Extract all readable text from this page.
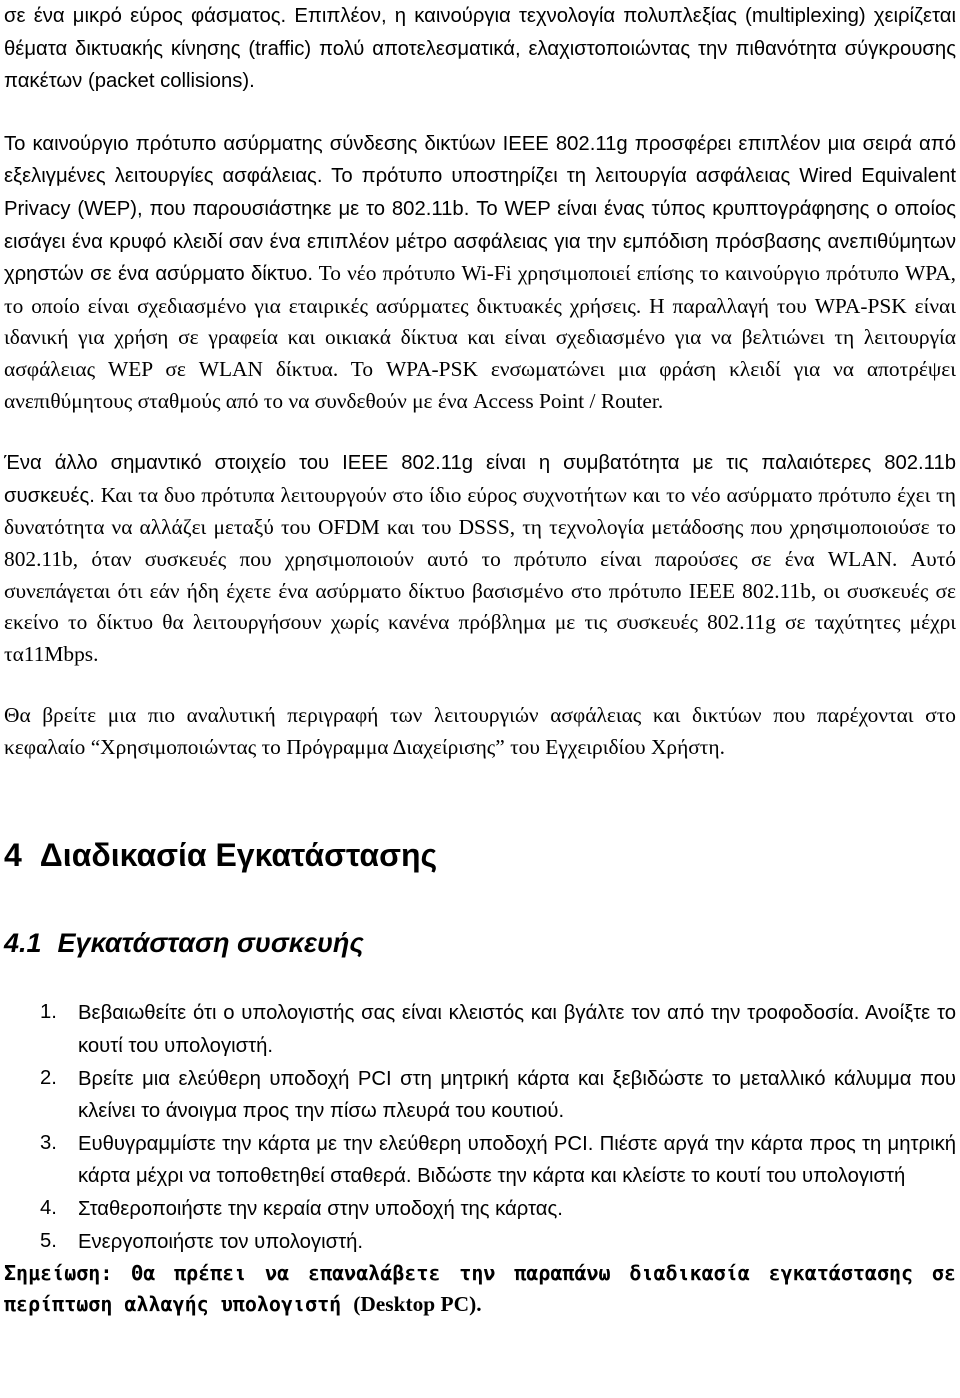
σε ένα μικρό εύρος φάσματος. Επιπλέον, η καινούργια τεχνολογία πολυπλεξίας (multiplexing) χειρίζεται θέματα δικτυακής κίνησης (traffic) πολύ αποτελεσματικά, ελαχιστοποιώντας την πιθανότητα σύγκρουσης πακέτων (packet collisions).

Το καινούργιο πρότυπο ασύρματης σύνδεσης δικτύων IEEE 802.11g προσφέρει επιπλέον μια σειρά από εξελιγμένες λειτουργίες ασφάλειας. Το πρότυπο υποστηρίζει τη λειτουργία ασφάλειας Wired Equivalent Privacy (WEP), που παρουσιάστηκε με το 802.11b. Το WEP είναι ένας τύπος κρυπτογράφησης ο οποίος εισάγει ένα κρυφό κλειδί σαν ένα επιπλέον μέτρο ασφάλειας για την εμπόδιση πρόσβασης ανεπιθύμητων χρηστών σε ένα ασύρματο δίκτυο. Το νέο πρότυπο Wi-Fi χρησιμοποιεί επίσης το καινούργιο πρότυπο WPA, το οποίο είναι σχεδιασμένο για εταιρικές ασύρματες δικτυακές χρήσεις. Η παραλλαγή του WPA-PSK είναι ιδανική για χρήση σε γραφεία και οικιακά δίκτυα και είναι σχεδιασμένο για να βελτιώνει τη λειτουργία ασφάλειας WEP σε WLAN δίκτυα. Το WPA-PSK ενσωματώνει μια φράση κλειδί για να αποτρέψει ανεπιθύμητους σταθμούς από το να συνδεθούν με ένα Access Point / Router.

Ένα άλλο σημαντικό στοιχείο του IEEE 802.11g είναι η συμβατότητα με τις παλαιότερες 802.11b συσκευές. Και τα δυο πρότυπα λειτουργούν στο ίδιο εύρος συχνοτήτων και το νέο ασύρματο πρότυπο έχει τη δυνατότητα να αλλάζει μεταξύ του OFDM και του DSSS, τη τεχνολογία μετάδοσης που χρησιμοποιούσε το 802.11b, όταν συσκευές που χρησιμοποιούν αυτό το πρότυπο είναι παρούσες σε ένα WLAN. Αυτό συνεπάγεται ότι εάν ήδη έχετε ένα ασύρματο δίκτυο βασισμένο στο πρότυπο IEEE 802.11b, οι συσκευές σε εκείνο το δίκτυο θα λειτουργήσουν χωρίς κανένα πρόβλημα με τις συσκευές 802.11g σε ταχύτητες μέχρι τα11Mbps.

Θα βρείτε μια πιο αναλυτική περιγραφή των λειτουργιών ασφάλειας και δικτύων που παρέχονται στο κεφαλαίο “Χρησιμοποιώντας το Πρόγραμμα Διαχείρισης” του Εγχειριδίου Χρήστη.

4 Διαδικασία Εγκατάστασης
4.1 Εγκατάσταση συσκευής
1. Βεβαιωθείτε ότι ο υπολογιστής σας είναι κλειστός και βγάλτε τον από την τροφοδοσία. Ανοίξτε το κουτί του υπολογιστή.
2. Βρείτε μια ελεύθερη υποδοχή PCI στη μητρική κάρτα και ξεβιδώστε το μεταλλικό κάλυμμα που κλείνει το άνοιγμα προς την πίσω πλευρά του κουτιού.
3. Ευθυγραμμίστε την κάρτα με την ελεύθερη υποδοχή PCI. Πιέστε αργά την κάρτα προς τη μητρική κάρτα μέχρι να τοποθετηθεί σταθερά. Βιδώστε την κάρτα και κλείστε το κουτί του υπολογιστή
4. Σταθεροποιήστε την κεραία στην υποδοχή της κάρτας.
5. Ενεργοποιήστε τον υπολογιστή.

Σημείωση: Θα πρέπει να επαναλάβετε την παραπάνω διαδικασία εγκατάστασης σε περίπτωση αλλαγής υπολογιστή (Desktop PC).
